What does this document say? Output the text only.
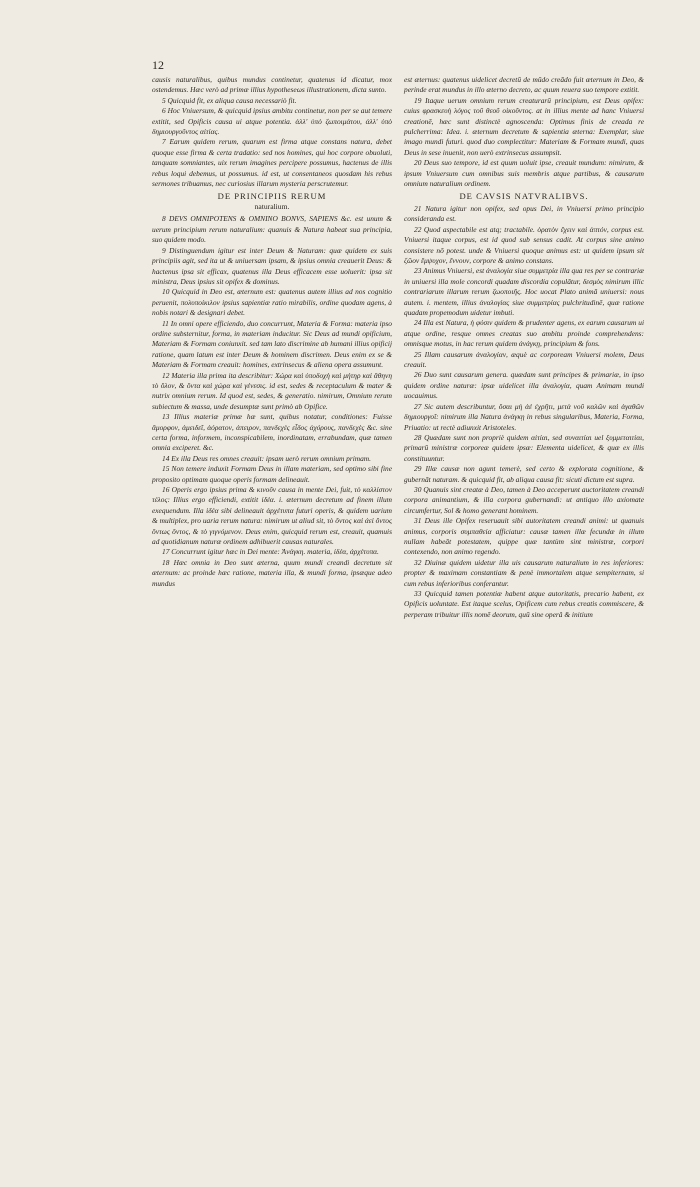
12

causis naturalibus, quibus mundus continetur, quatenus id dicatur, mox ostendemus. Hæc verò ad primæ illius hypotheseωs illustrationem, dicta sunto.

5 Quicquid fit, ex aliqua causa necessariò fit.

6 Hoc Vniuersum, & quicquid ipsius ambitu continetur, non per se aut temere extitit, sed Opificis causa ui atque potentia. ἀλλ' ὑπὸ ζωποιμάτου, ἀλλ' ὑπὸ δημιουργοῦντος αἰτίας.

7 Earum quidem rerum, quarum est firma atque constans natura, debet quoque esse firma & certa tradatio: sed nos homines, qui hoc corpore obuoluti, tanquam somniantes, uix rerum imagines percipere possumus, hactenus de illis rebus loqui debemus, ut possumus. id est, ut consentaneos quosdam his rebus sermones tribuamus, nec curiosius illarum mysteria perscrutemur.

DE PRINCIPIIS RERUM
naturalium.

8 DEVS OMNIPOTENS & OMNINO BONVS, SAPIENS &c. est unum & uerum principium rerum naturalium: quanuis & Natura habeat sua principia, suo quidem modo.

9 Distinguendum igitur est inter Deum & Naturam: quæ quidem ex suis principiis agit, sed ita ut & uniuersam ipsam, & ipsius omnia creauerit Deus: & hactenus ipsa sit efficax, quatenus illa Deus efficacem esse uoluerit: ipsa sit ministra, Deus ipsius sit opifex & dominus.

10 Quicquid in Deo est, æternum est: quatenus autem illius ad nos cognitio peruenit, πολυποίκιλον ipsius sapientiæ ratio mirabilis, ordine quodam agens, à nobis notari & designari debet.

11 In omni opere efficiendo, duo concurrunt, Materia & Forma: materia ipso ordine substernitur, forma, in materiam inducitur. Sic Deus ad mundi opificium, Materiam & Formam coniunxit. sed tam lato discrimine ab humani illius opificij ratione, quam latum est inter Deum & hominem discrimen. Deus enim ex se & Materiam & Formam creauit: homines, extrinsecus & aliena opera assumunt.

12 Materia illa prima ita describitur: Χώρα καὶ ὑποδοχὴ καὶ μήτηρ καὶ ἄθηνη τὸ ὅλον, & ὄντα καὶ χώρα καὶ γένεσις. id est, sedes & receptaculum & mater & nutrix omnium rerum. Id quod est, sedes, & generatio. nimirum, Omnium rerum subiectum & massa, unde desumptæ sunt primò ab Opifice.

13 Illius materiæ primæ hæ sunt, quibus notatur, conditiones: Fuisse ἄμορφον, ἀμειδεῖ, ἀόρατον, ἀπειρον, πανδεχὲς εἶδος ἀχόρους, πανδεχὲς &c. sine certa forma, informem, inconspicabilem, inordinatam, errabundam, quæ tamen omnia exciperet. &c.

14 Ex illa Deus res omnes creauit: ipsam uerò rerum omnium primam.

15 Non temere induxit Formam Deus in illam materiam, sed optimo sibi fine proposito optimam quoque operis formam delineauit.

16 Operis ergo ipsius prima & κινοῦν causa in mente Dei, fuit, τὸ καλλίστον τέλος: Illius ergo efficiendi, extitit ἰδέα. i. æternum decretum ad finem illum exequendum. Illa ἰδέα sibi delineauit ἀρχέτυπα futuri operis, & quidem uarium & multiplex, pro uaria rerum natura: nimirum ut aliud sit, τὸ ὄντος καὶ ἀεὶ ὄντος ὄντως ὄντος, & τὸ γιγνόμενον. Deus enim, quicquid rerum est, creauit, quamuis ad quotidianum naturæ ordinem adhibuerit causas naturales.

17 Concurrunt igitur hæc in Dei mente: Ἀνάγκη. materia, ἰδέα, ἀρχέτυπα.

18 Hæc omnia in Deo sunt æterna, quum mundi creandi decretum sit æternum: ac proinde hæc ratione, materia illa, & mundi forma, ipsæque adeo mundus

est æternus: quatenus uidelicet decretū de mūdo creādo fuit æternum in Deo, & perinde erat mundus in illo æterno decreto, ac quum reuera suo tempore extitit.

19 Itaque uerum omnium rerum creaturarū principium, est Deus opifex: cuius φρασκευὴ λόγος τοῦ θεοῦ οἰκοῦντος. at in illius mente ad hanc Vniuersi creationē, hæc sunt distinctè agnoscenda: Optimus finis de creada re pulcherrima: Idea. i. æternum decretum & sapientia æterna: Exemplar, siue imago mundi futuri. quod duo complectitur: Materiam & Formam mundi, quas Deus in sese inuenit, non uerò extrinsecus assumpsit.

20 Deus suo tempore, id est quum uoluit ipse, creauit mundum: nimirum, & ipsum Vniuersum cum omnibus suis membris atque partibus, & causarum omnium naturalium ordinem.

DE CAVSIS NATVRALIBVS.

21 Natura igitur non opifex, sed opus Dei, in Vniuersi primo principio consideranda est.

22 Quod aspectabile est atq; tractabile. ὁρατὸν ἔχειν καὶ ἁπτόν, corpus est. Vniuersi itaque corpus, est id quod sub sensus cadit. At corpus sine animo consistere nō potest. unde & Vniuersi quoque animus est: ut quidem ipsum sit ζῶον ἔμψυχον, ἔννουν, corpore & animo constans.

23 Animus Vniuersi, est ἀναλογία siue συμμετρία illa qua res per se contrariæ in uniuersi illa mole concordi quadam discordia copulātur, δεσμὸς nimirum illic contrariarum illarum rerum ζωοποιῆς. Hoc uocat Plato animā uniuersi: nous autem. i. mentem, illius ἀναλογίας siue συμμετρίας pulchritudinē, quæ ratione quadam propemodum uidetur imbuti.

24 Illa est Natura, ἡ φύσιν quidem & prudenter agens, ex earum causarum ui atque ordine, resque omnes creatas suo ambitu proinde comprehendens: omnisque motus, in hac rerum quidem ἀνάγκῃ, principium & fons.

25 Illam causarum ἀναλογίαν, æquè ac corpoream Vniuersi molem, Deus creauit.

26 Duo sunt causarum genera. quædam sunt principes & primariæ, in ipso quidem ordine naturæ: ipsæ uidelicet illa ἀναλογία, quam Animam mundi uocauimus.

27 Sic autem describuntur, ὅσαι μὴ ἀέ ἐχρῆτι, μετὰ νοῦ καλῶν καὶ ἀγαθῶν δημιουργοῖ: nimirum illa Natura ἀνάγκῃ in rebus singularibus, Materia, Forma, Priuatio: ut rectè adiunxit Aristoteles.

28 Quædam sunt non propriè quidem αἰτίαι, sed συναιτίαι uel ξυμμεταιτίαι, primarū ministræ corporeæ quidem ipsæ: Elementa uidelicet, & quæ ex illis constituuntur.

29 Illæ causæ non agunt temerè, sed certo & explorata cognitione, & gubernāt naturam. & quicquid fit, ab aliqua causa fit: sicuti dictum est supra.

30 Quanuis sint creatæ à Deo, tamen à Deo acceperunt auctoritatem creandi corpora animantium, & illa corpora gubernandi: ut antiquo illo axiomate circumfertur, Sol & homo generant hominem.

31 Deus ille Opifex reseruauit sibi autoritatem creandi animi: ut quanuis animus, corporis συμπαθεία afficiatur: causæ tamen illæ fecundæ in illum nullam habeāt potestatem, quippe quæ tantùm sint ministræ, corpori contexendo, non animo regendo.

32 Diuinæ quidem uidetur illa uis causarum naturalium in res inferiores: propter & maximam constantiam & penè immortalem atque sempiternam, si cum rebus inferioribus conferantur.

33 Quicquid tamen potentiæ habent atque autoritatis, precario habent, ex Opificis uoluntate. Est itaque scelus, Opificem cum rebus creatis commiscere, & perperam tribuitur illis nomē deorum, quū sine operâ & initium
